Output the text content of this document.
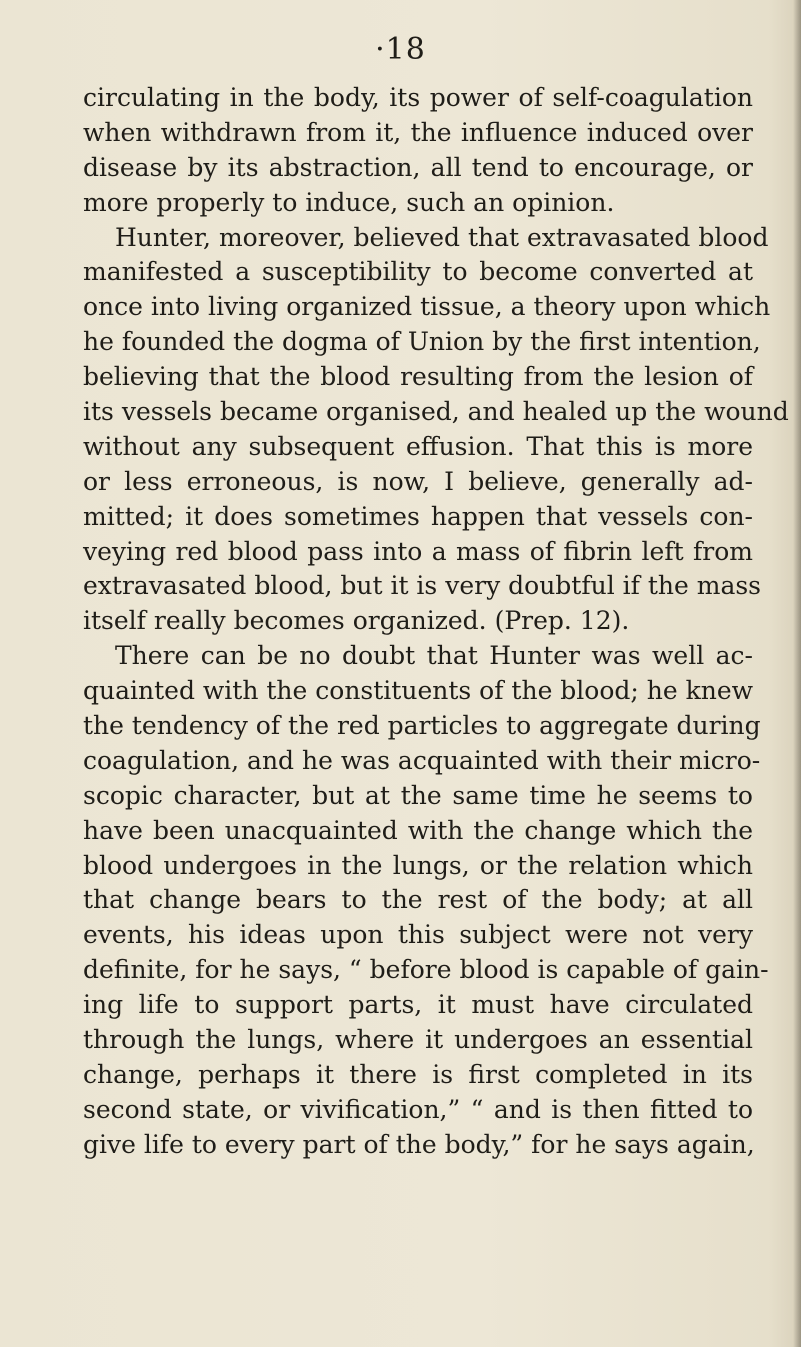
·18
circulating in the body, its power of self-coagulation
when withdrawn from it, the influence induced over
disease by its abstraction, all tend to encourage, or
more properly to induce, such an opinion.
Hunter, moreover, believed that extravasated blood
manifested a susceptibility to become converted at
once into living organized tissue, a theory upon which
he founded the dogma of Union by the first intention,
believing that the blood resulting from the lesion of
its vessels became organised, and healed up the wound
without any subsequent effusion. That this is more
or less erroneous, is now, I believe, generally ad-
mitted; it does sometimes happen that vessels con-
veying red blood pass into a mass of fibrin left from
extravasated blood, but it is very doubtful if the mass
itself really becomes organized. (Prep. 12).
There can be no doubt that Hunter was well ac-
quainted with the constituents of the blood; he knew
the tendency of the red particles to aggregate during
coagulation, and he was acquainted with their micro-
scopic character, but at the same time he seems to
have been unacquainted with the change which the
blood undergoes in the lungs, or the relation which
that change bears to the rest of the body; at all
events, his ideas upon this subject were not very
definite, for he says, “ before blood is capable of gain-
ing life to support parts, it must have circulated
through the lungs, where it undergoes an essential
change, perhaps it there is first completed in its
second state, or vivification,” “ and is then fitted to
give life to every part of the body,” for he says again,
